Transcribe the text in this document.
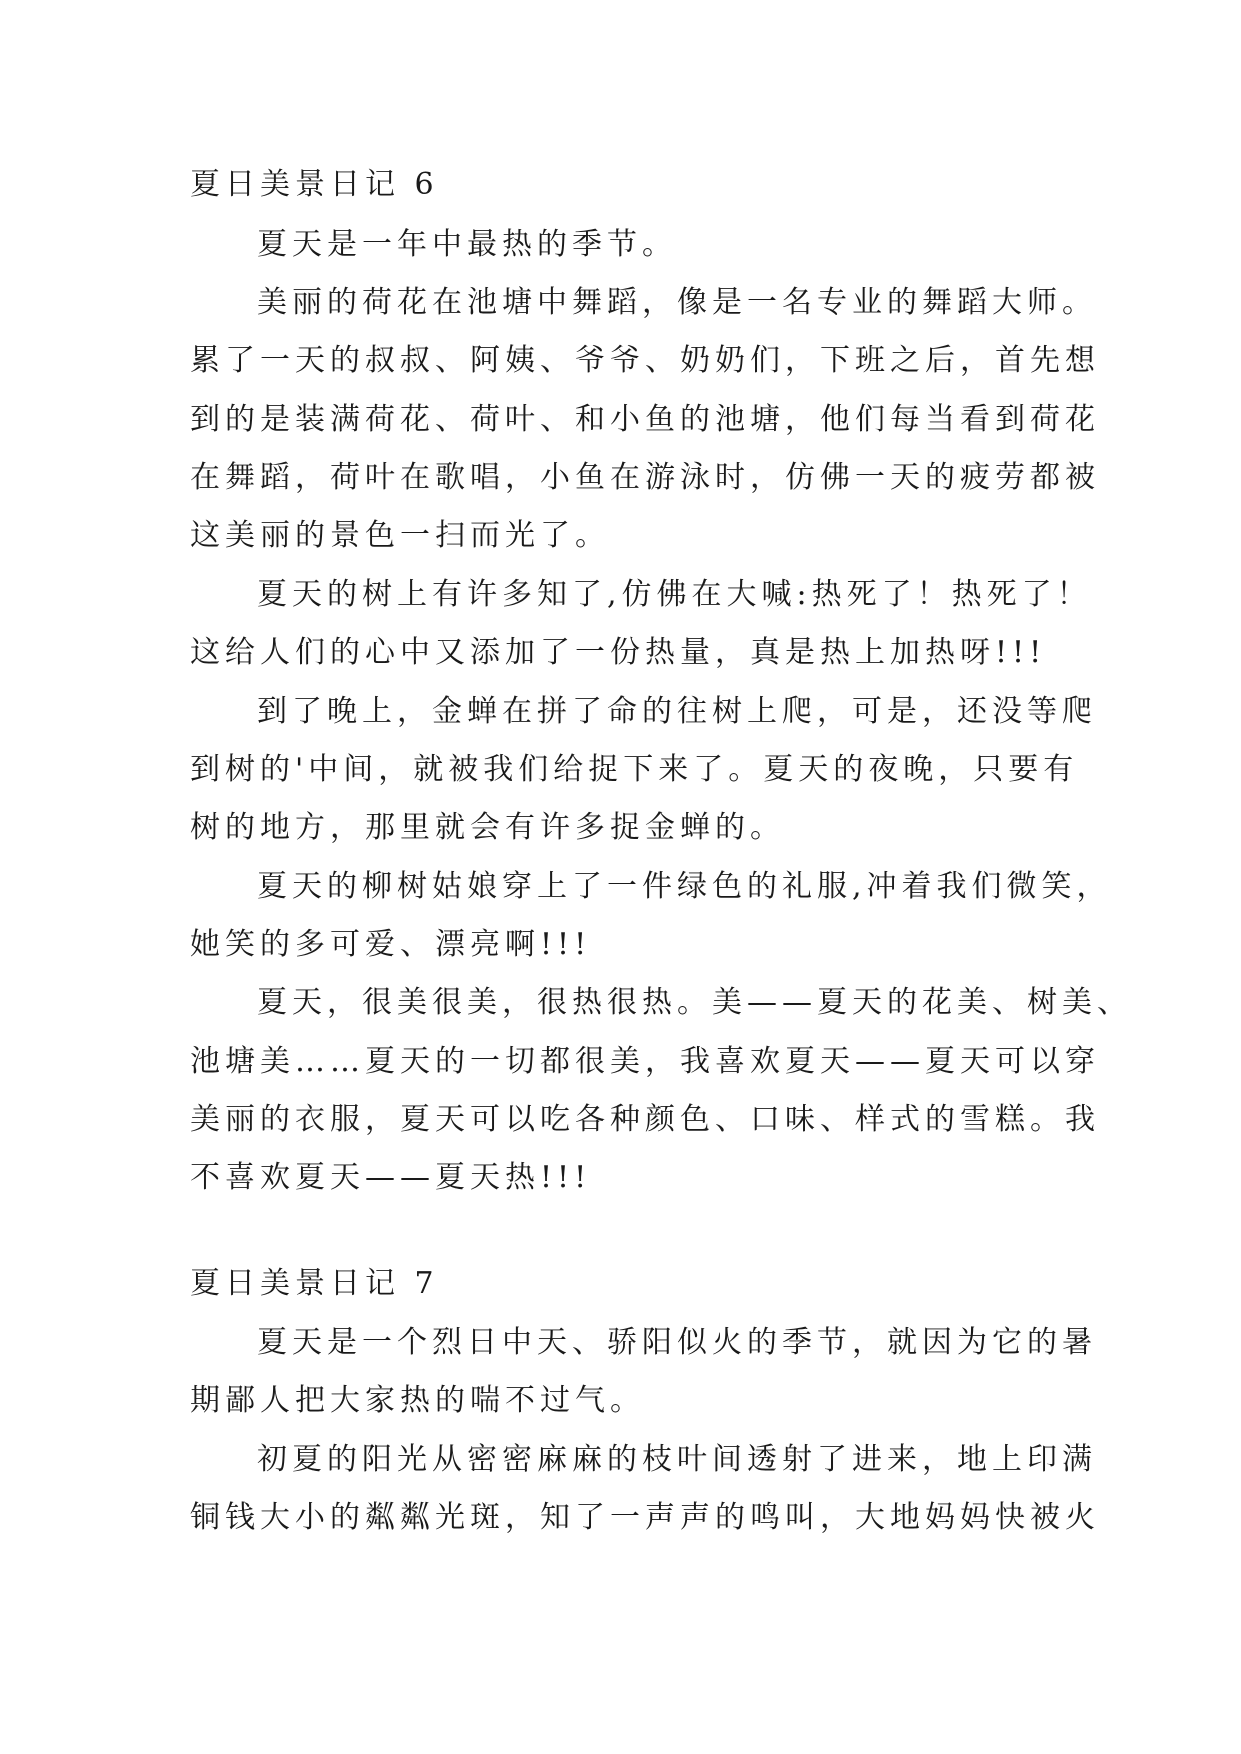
夏日美景日记 6

夏天是一年中最热的季节。

美丽的荷花在池塘中舞蹈，像是一名专业的舞蹈大师。

累了一天的叔叔、阿姨、爷爷、奶奶们，下班之后，首先想

到的是装满荷花、荷叶、和小鱼的池塘，他们每当看到荷花

在舞蹈，荷叶在歌唱，小鱼在游泳时，仿佛一天的疲劳都被

这美丽的景色一扫而光了。

夏天的树上有许多知了,仿佛在大喊:热死了！热死了！

这给人们的心中又添加了一份热量，真是热上加热呀!!!

到了晚上，金蝉在拼了命的往树上爬，可是，还没等爬

到树的'中间，就被我们给捉下来了。夏天的夜晚，只要有

树的地方，那里就会有许多捉金蝉的。

夏天的柳树姑娘穿上了一件绿色的礼服,冲着我们微笑，

她笑的多可爱、漂亮啊!!!

夏天，很美很美，很热很热。美——夏天的花美、树美、

池塘美……夏天的一切都很美，我喜欢夏天——夏天可以穿

美丽的衣服，夏天可以吃各种颜色、口味、样式的雪糕。我

不喜欢夏天——夏天热!!!

夏日美景日记 7

夏天是一个烈日中天、骄阳似火的季节，就因为它的暑

期鄙人把大家热的喘不过气。

初夏的阳光从密密麻麻的枝叶间透射了进来，地上印满

铜钱大小的粼粼光斑，知了一声声的鸣叫，大地妈妈快被火
